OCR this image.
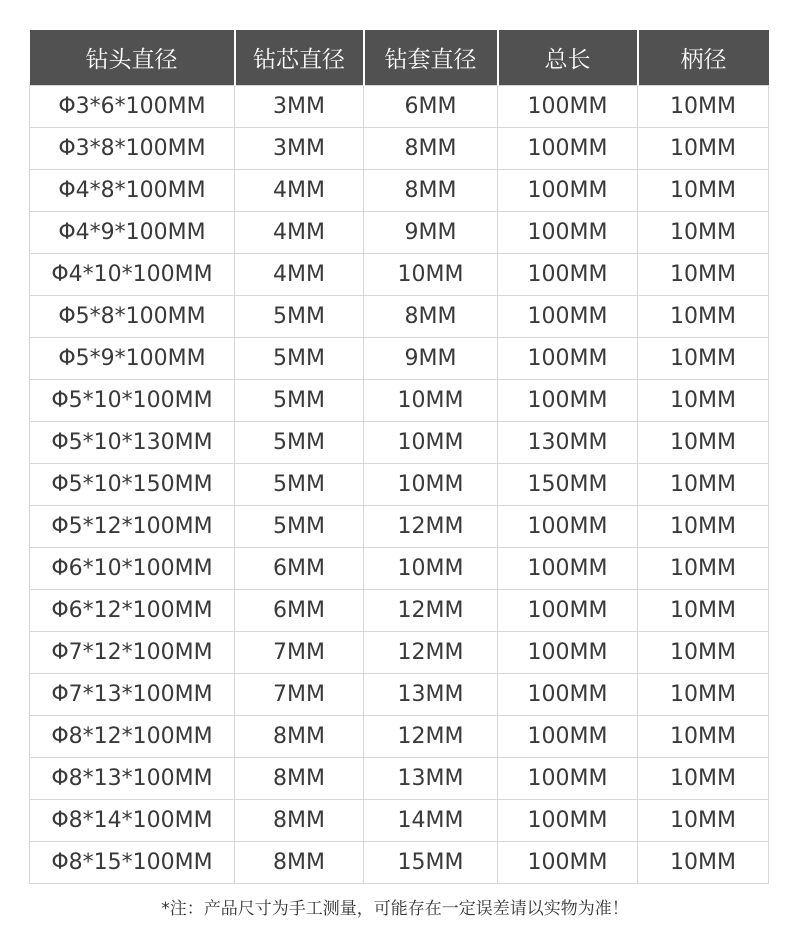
钻头直径	钻芯直径	钻套直径	总长	柄径
Φ3*6*100MM	3MM	6MM	100MM	10MM
Φ3*8*100MM	3MM	8MM	100MM	10MM
Φ4*8*100MM	4MM	8MM	100MM	10MM
Φ4*9*100MM	4MM	9MM	100MM	10MM
Φ4*10*100MM	4MM	10MM	100MM	10MM
Φ5*8*100MM	5MM	8MM	100MM	10MM
Φ5*9*100MM	5MM	9MM	100MM	10MM
Φ5*10*100MM	5MM	10MM	100MM	10MM
Φ5*10*130MM	5MM	10MM	130MM	10MM
Φ5*10*150MM	5MM	10MM	150MM	10MM
Φ5*12*100MM	5MM	12MM	100MM	10MM
Φ6*10*100MM	6MM	10MM	100MM	10MM
Φ6*12*100MM	6MM	12MM	100MM	10MM
Φ7*12*100MM	7MM	12MM	100MM	10MM
Φ7*13*100MM	7MM	13MM	100MM	10MM
Φ8*12*100MM	8MM	12MM	100MM	10MM
Φ8*13*100MM	8MM	13MM	100MM	10MM
Φ8*14*100MM	8MM	14MM	100MM	10MM
Φ8*15*100MM	8MM	15MM	100MM	10MM
*注：产品尺寸为手工测量，可能存在一定误差请以实物为准！
